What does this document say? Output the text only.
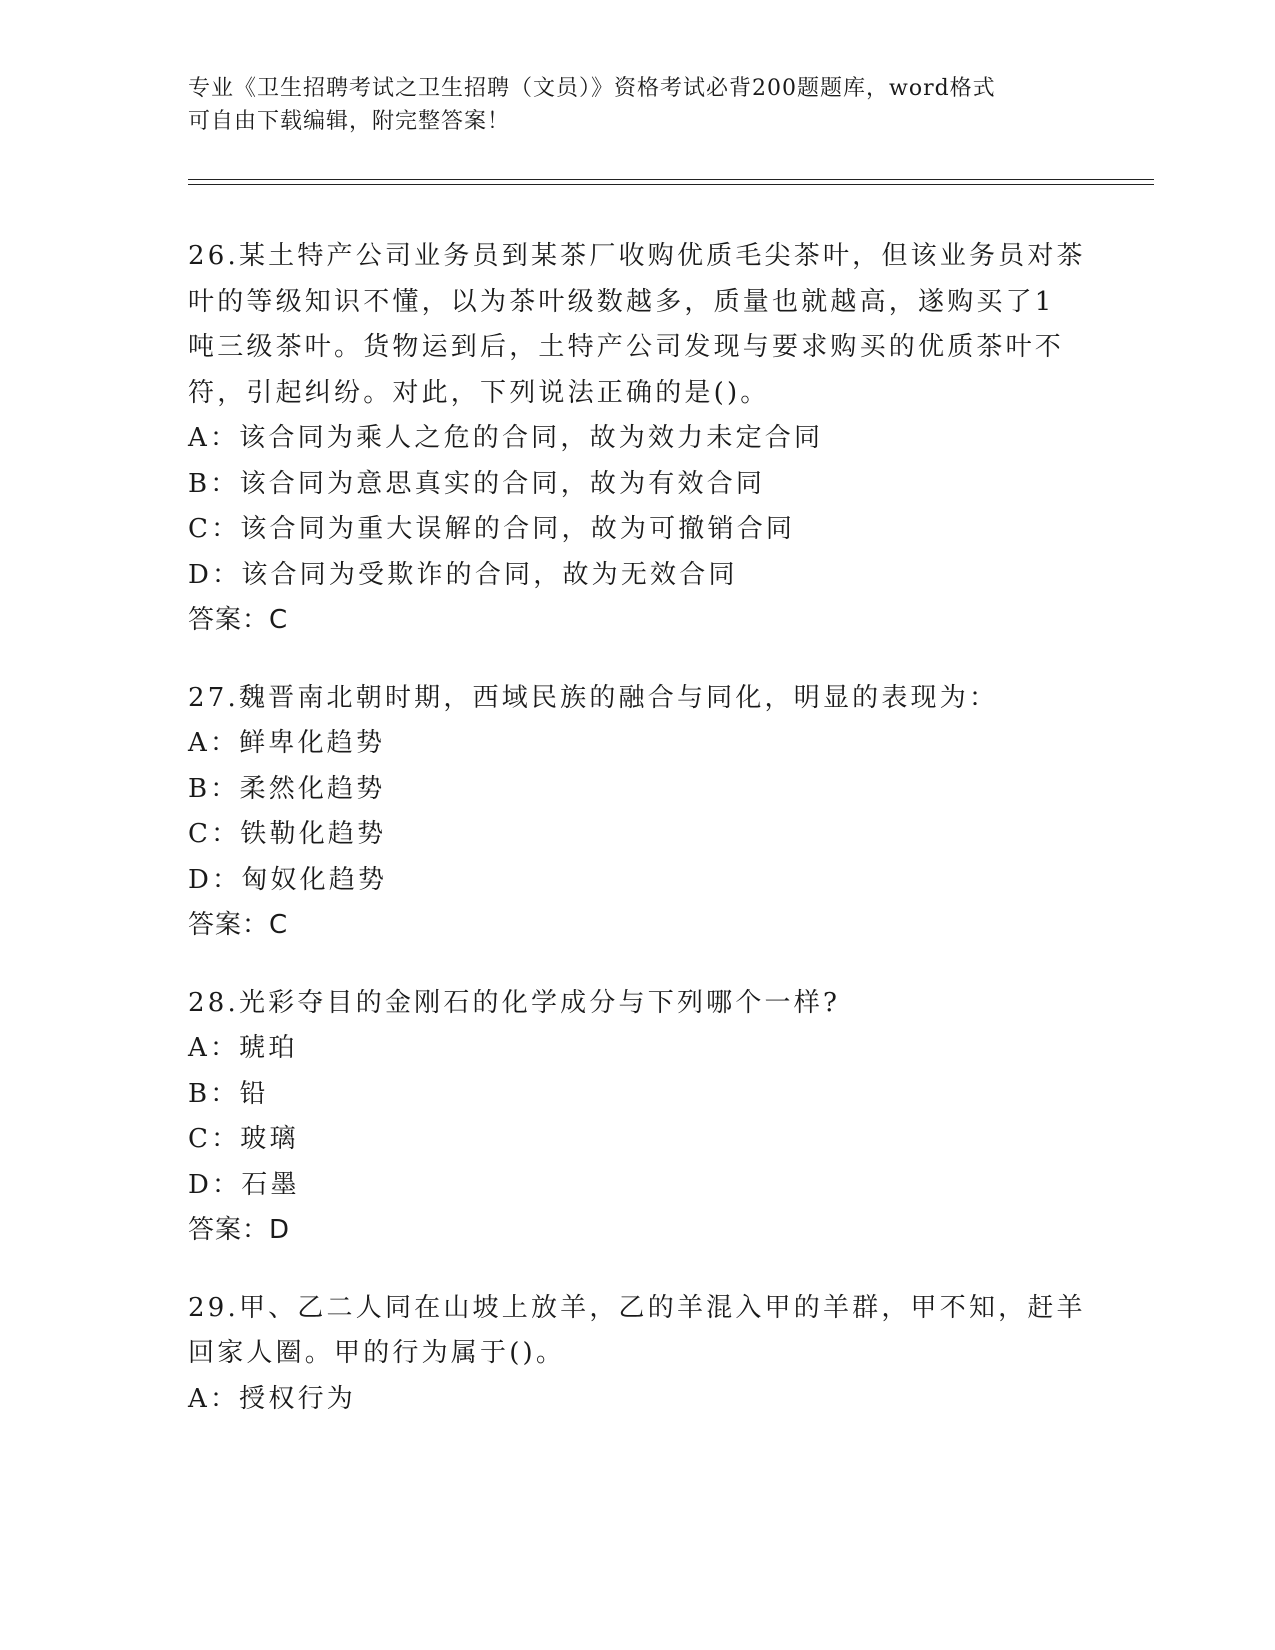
专业《卫生招聘考试之卫生招聘（文员）》资格考试必背200题题库，word格式
可自由下载编辑，附完整答案！
26.某土特产公司业务员到某茶厂收购优质毛尖茶叶，但该业务员对茶
叶的等级知识不懂，以为茶叶级数越多，质量也就越高，遂购买了1
吨三级茶叶。货物运到后，土特产公司发现与要求购买的优质茶叶不
符，引起纠纷。对此，下列说法正确的是()。
A：该合同为乘人之危的合同，故为效力未定合同
B：该合同为意思真实的合同，故为有效合同
C：该合同为重大误解的合同，故为可撤销合同
D：该合同为受欺诈的合同，故为无效合同
答案：C
27.魏晋南北朝时期，西域民族的融合与同化，明显的表现为：
A：鲜卑化趋势
B：柔然化趋势
C：铁勒化趋势
D：匈奴化趋势
答案：C
28.光彩夺目的金刚石的化学成分与下列哪个一样?
A：琥珀
B：铅
C：玻璃
D：石墨
答案：D
29.甲、乙二人同在山坡上放羊，乙的羊混入甲的羊群，甲不知，赶羊
回家人圈。甲的行为属于()。
A：授权行为
